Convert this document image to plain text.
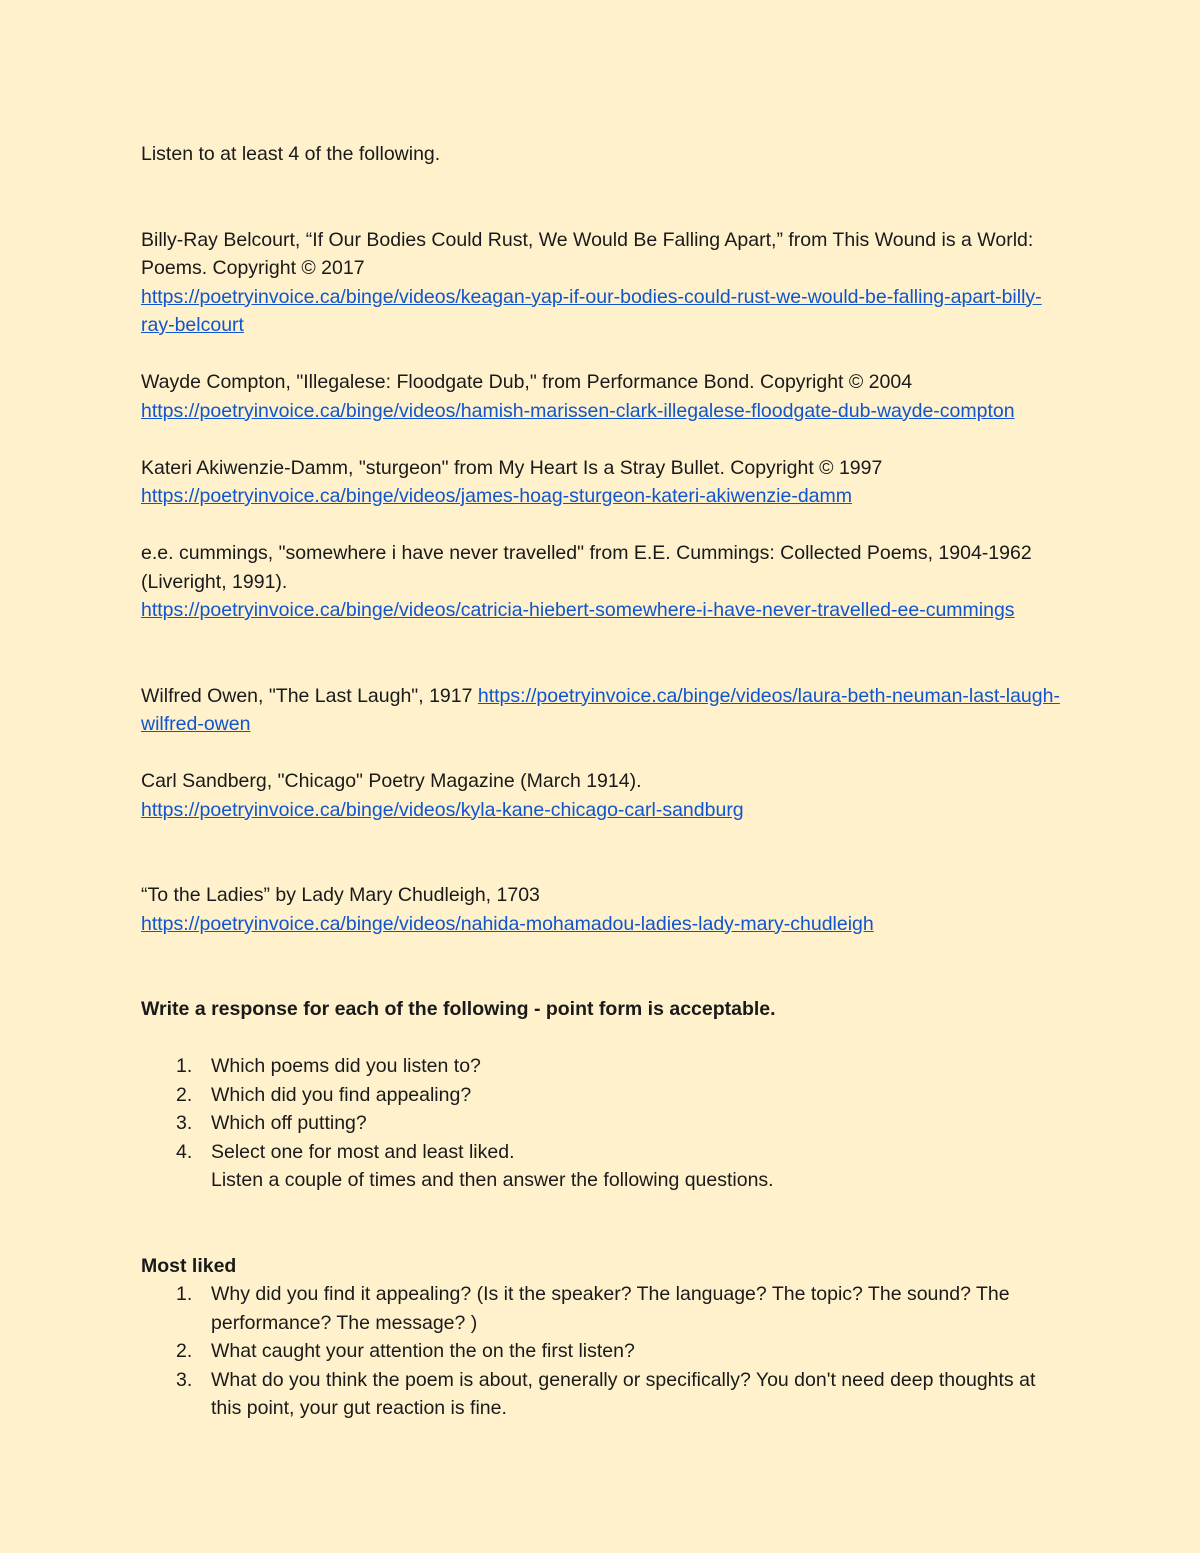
Listen to at least 4 of the following.
Billy-Ray Belcourt, “If Our Bodies Could Rust, We Would Be Falling Apart,” from This Wound is a World: Poems. Copyright © 2017
https://poetryinvoice.ca/binge/videos/keagan-yap-if-our-bodies-could-rust-we-would-be-falling-apart-billy-ray-belcourt
Wayde Compton, "Illegalese: Floodgate Dub," from Performance Bond. Copyright © 2004
https://poetryinvoice.ca/binge/videos/hamish-marissen-clark-illegalese-floodgate-dub-wayde-compton
Kateri Akiwenzie-Damm, "sturgeon" from My Heart Is a Stray Bullet. Copyright © 1997
https://poetryinvoice.ca/binge/videos/james-hoag-sturgeon-kateri-akiwenzie-damm
e.e. cummings, "somewhere i have never travelled" from E.E. Cummings: Collected Poems, 1904-1962 (Liveright, 1991).
https://poetryinvoice.ca/binge/videos/catricia-hiebert-somewhere-i-have-never-travelled-ee-cummings
Wilfred Owen, "The Last Laugh", 1917 https://poetryinvoice.ca/binge/videos/laura-beth-neuman-last-laugh-wilfred-owen
Carl Sandberg, "Chicago" Poetry Magazine (March 1914).
https://poetryinvoice.ca/binge/videos/kyla-kane-chicago-carl-sandburg
“To the Ladies” by Lady Mary Chudleigh, 1703
https://poetryinvoice.ca/binge/videos/nahida-mohamadou-ladies-lady-mary-chudleigh
Write a response for each of the following - point form is acceptable.
1. Which poems did you listen to?
2. Which did you find appealing?
3. Which off putting?
4. Select one for most and least liked.
Listen a couple of times and then answer the following questions.
Most liked
1. Why did you find it appealing? (Is it the speaker? The language? The topic? The sound? The performance? The message? )
2. What caught your attention the on the first listen?
3. What do you think the poem is about, generally or specifically? You don't need deep thoughts at this point, your gut reaction is fine.
